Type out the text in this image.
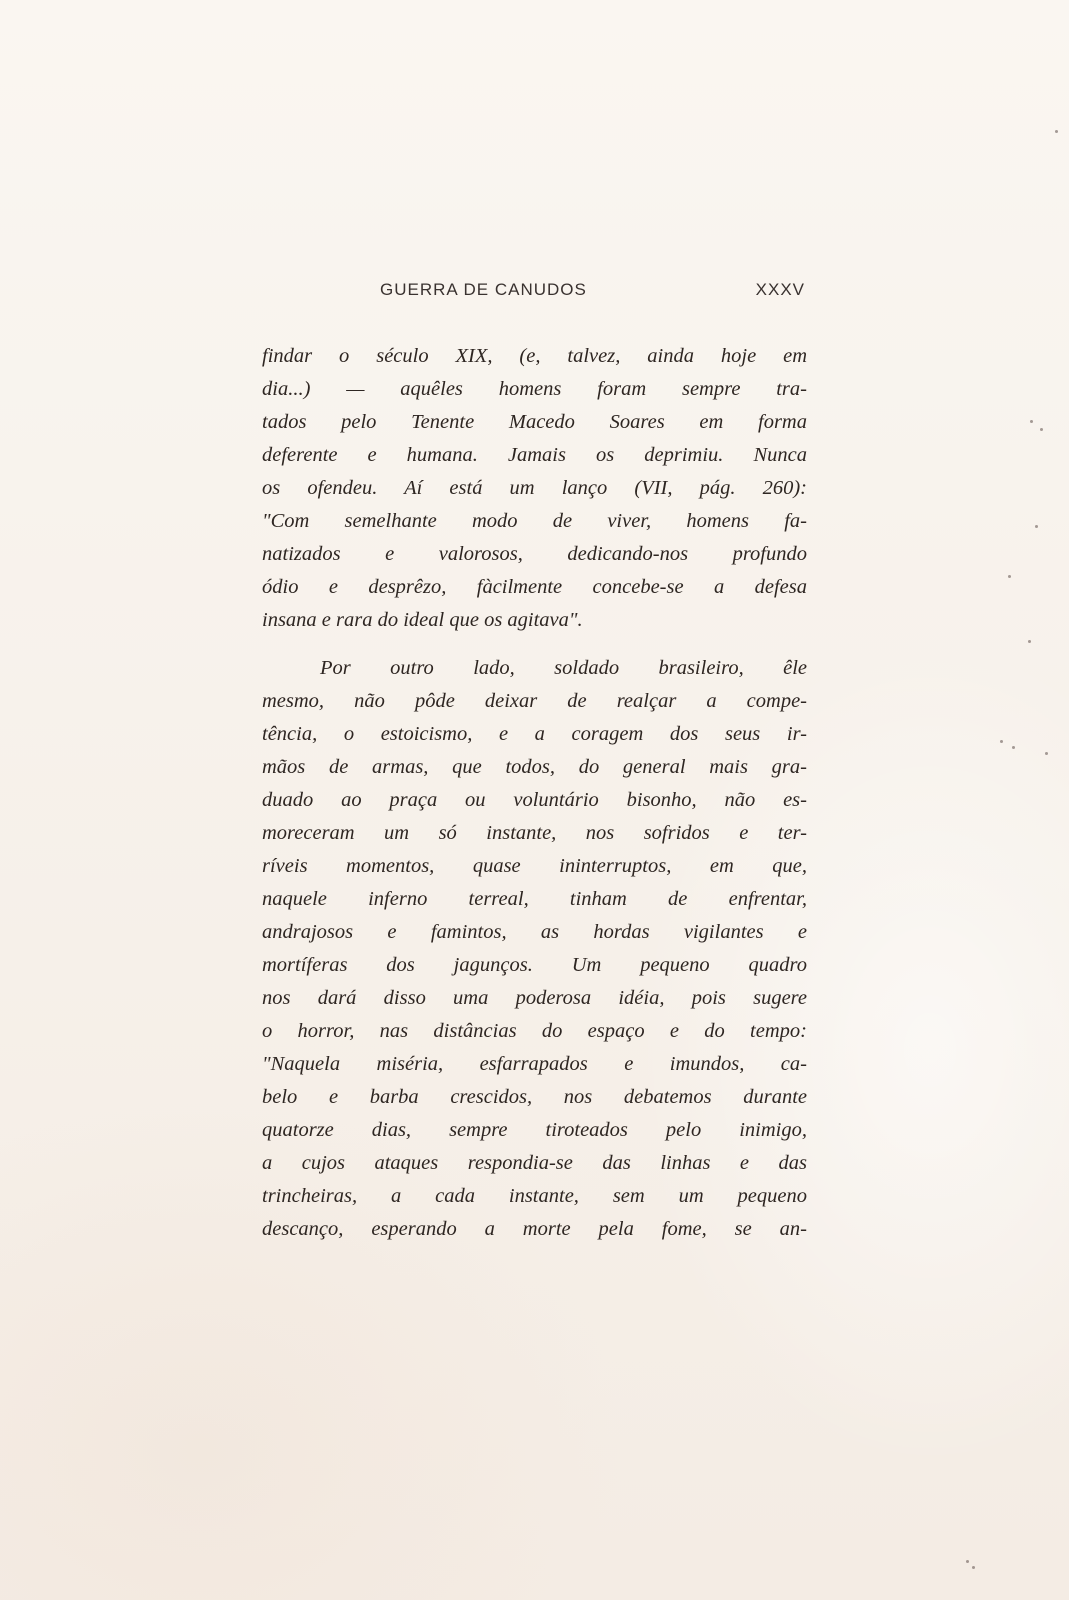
GUERRA DE CANUDOS	XXXV
findar o século XIX, (e, talvez, ainda hoje em
dia...) — aquêles homens foram sempre tra-
tados pelo Tenente Macedo Soares em forma
deferente e humana. Jamais os deprimiu. Nunca
os ofendeu. Aí está um lanço (VII, pág. 260):
"Com semelhante modo de viver, homens fa-
natizados e valorosos, dedicando-nos profundo
ódio e desprêzo, fàcilmente concebe-se a defesa
insana e rara do ideal que os agitava".
Por outro lado, soldado brasileiro, êle
mesmo, não pôde deixar de realçar a compe-
tência, o estoicismo, e a coragem dos seus ir-
mãos de armas, que todos, do general mais gra-
duado ao praça ou voluntário bisonho, não es-
moreceram um só instante, nos sofridos e ter-
ríveis momentos, quase ininterruptos, em que,
naquele inferno terreal, tinham de enfrentar,
andrajosos e famintos, as hordas vigilantes e
mortíferas dos jagunços. Um pequeno quadro
nos dará disso uma poderosa idéia, pois sugere
o horror, nas distâncias do espaço e do tempo:
"Naquela miséria, esfarrapados e imundos, ca-
belo e barba crescidos, nos debatemos durante
quatorze dias, sempre tiroteados pelo inimigo,
a cujos ataques respondia-se das linhas e das
trincheiras, a cada instante, sem um pequeno
descanço, esperando a morte pela fome, se an-
